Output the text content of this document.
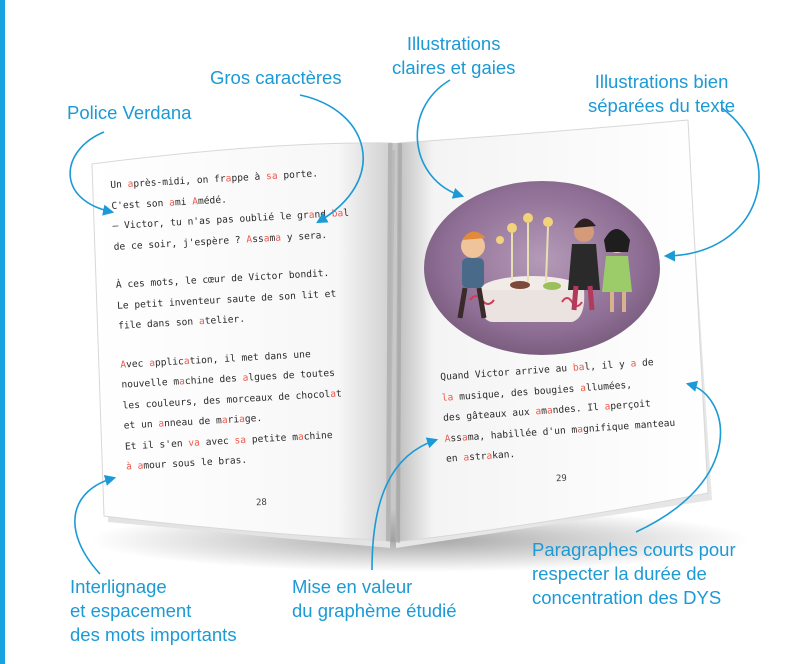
Un après-midi, on frappe à sa porte.
C'est son ami Amédé.
– Victor, tu n'as pas oublié le grand bal
de ce soir, j'espère ? Assama y sera.
À ces mots, le cœur de Victor bondit.
Le petit inventeur saute de son lit et
file dans son atelier.
Avec application, il met dans une
nouvelle machine des algues de toutes
les couleurs, des morceaux de chocolat
et un anneau de mariage.
Et il s'en va avec sa petite machine
à amour sous le bras.
28
Quand Victor arrive au bal, il y a de
la musique, des bougies allumées,
des gâteaux aux amandes. Il aperçoit
Assama, habillée d'un magnifique manteau
en astrakan.
29
Police Verdana
Gros caractères
Illustrations
claires et gaies
Illustrations bien
séparées du texte
Interlignage
et espacement
des mots importants
Mise en valeur
du graphème étudié
Paragraphes courts pour
respecter la durée de
concentration des DYS
